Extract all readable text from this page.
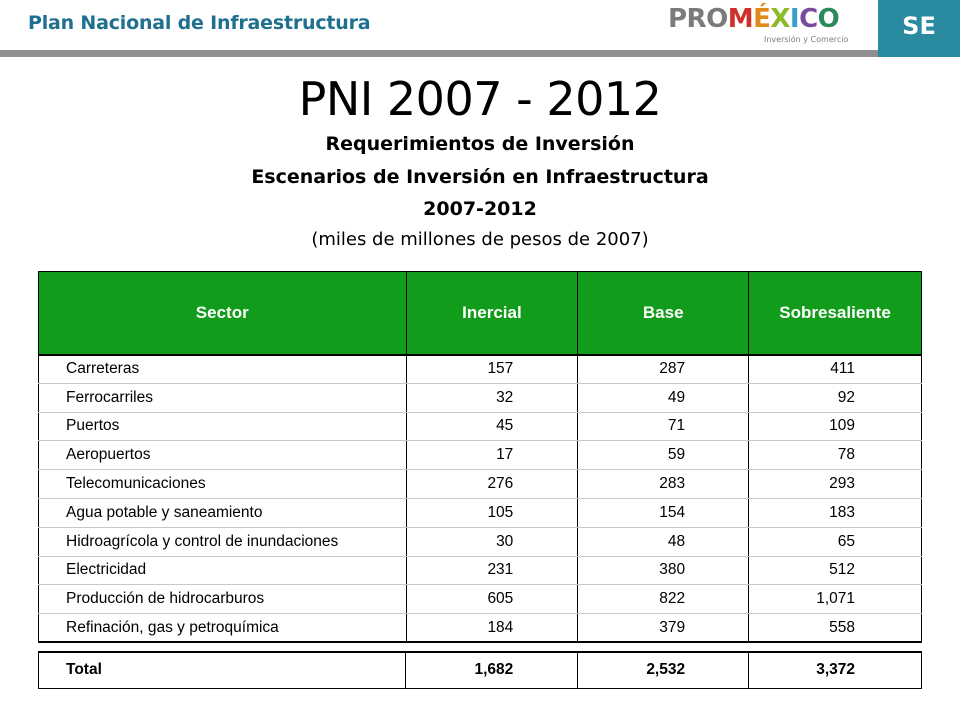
Plan Nacional de Infraestructura	PROMÉXICO
Inversión y Comercio SE
PNI 2007 - 2012
Requerimientos de Inversión
Escenarios de Inversión en Infraestructura
2007-2012
(miles de millones de pesos de 2007)
Sector	Inercial	Base	Sobresaliente
Carreteras	157	287	411
Ferrocarriles	32	49	92
Puertos	45	71	109
Aeropuertos	17	59	78
Telecomunicaciones	276	283	293
Agua potable y saneamiento	105	154	183
Hidroagrícola y control de inundaciones	30	48	65
Electricidad	231	380	512
Producción de hidrocarburos	605	822	1,071
Refinación, gas y petroquímica	184	379	558
Total	1,682	2,532	3,372
